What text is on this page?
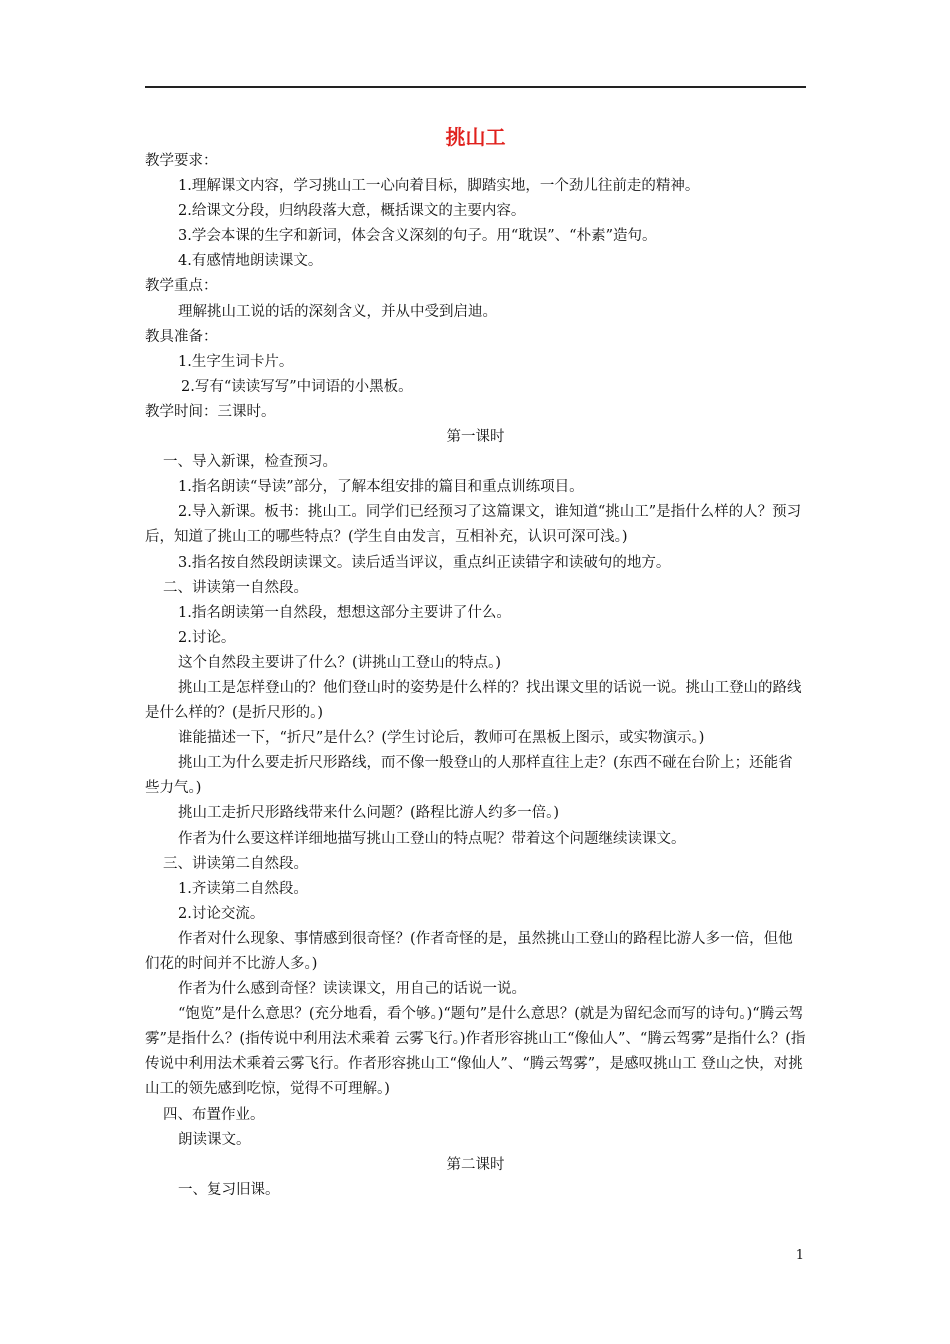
挑山工

教学要求：

1.理解课文内容，学习挑山工一心向着目标，脚踏实地，一个劲儿往前走的精神。

2.给课文分段，归纳段落大意，概括课文的主要内容。

3.学会本课的生字和新词，体会含义深刻的句子。用“耽误”、“朴素”造句。

4.有感情地朗读课文。

教学重点：

理解挑山工说的话的深刻含义，并从中受到启迪。

教具准备：

1.生字生词卡片。

2.写有“读读写写”中词语的小黑板。

教学时间：三课时。

第一课时

一、导入新课，检查预习。

1.指名朗读“导读”部分，了解本组安排的篇目和重点训练项目。

2.导入新课。板书：挑山工。同学们已经预习了这篇课文，谁知道“挑山工”是指什么样的人？预习后，知道了挑山工的哪些特点？(学生自由发言，互相补充，认识可深可浅。)

3.指名按自然段朗读课文。读后适当评议，重点纠正读错字和读破句的地方。

二、讲读第一自然段。

1.指名朗读第一自然段，想想这部分主要讲了什么。

2.讨论。

这个自然段主要讲了什么？(讲挑山工登山的特点。)

挑山工是怎样登山的？他们登山时的姿势是什么样的？找出课文里的话说一说。挑山工登山的路线是什么样的？(是折尺形的。)

谁能描述一下，“折尺”是什么？(学生讨论后，教师可在黑板上图示，或实物演示。)

挑山工为什么要走折尺形路线，而不像一般登山的人那样直往上走？(东西不碰在台阶上；还能省些力气。)

挑山工走折尺形路线带来什么问题？(路程比游人约多一倍。)

作者为什么要这样详细地描写挑山工登山的特点呢？带着这个问题继续读课文。

三、讲读第二自然段。

1.齐读第二自然段。

2.讨论交流。

作者对什么现象、事情感到很奇怪？(作者奇怪的是，虽然挑山工登山的路程比游人多一倍，但他们花的时间并不比游人多。)

作者为什么感到奇怪？读读课文，用自己的话说一说。

“饱览”是什么意思？(充分地看，看个够。)“题句”是什么意思？(就是为留纪念而写的诗句。)“腾云驾雾”是指什么？(指传说中利用法术乘着 云雾飞行。)作者形容挑山工“像仙人”、“腾云驾雾”是指什么？(指传说中利用法术乘着云雾飞行。作者形容挑山工“像仙人”、“腾云驾雾”，是感叹挑山工 登山之快，对挑山工的领先感到吃惊，觉得不可理解。)

四、布置作业。

朗读课文。

第二课时

一、复习旧课。

1
